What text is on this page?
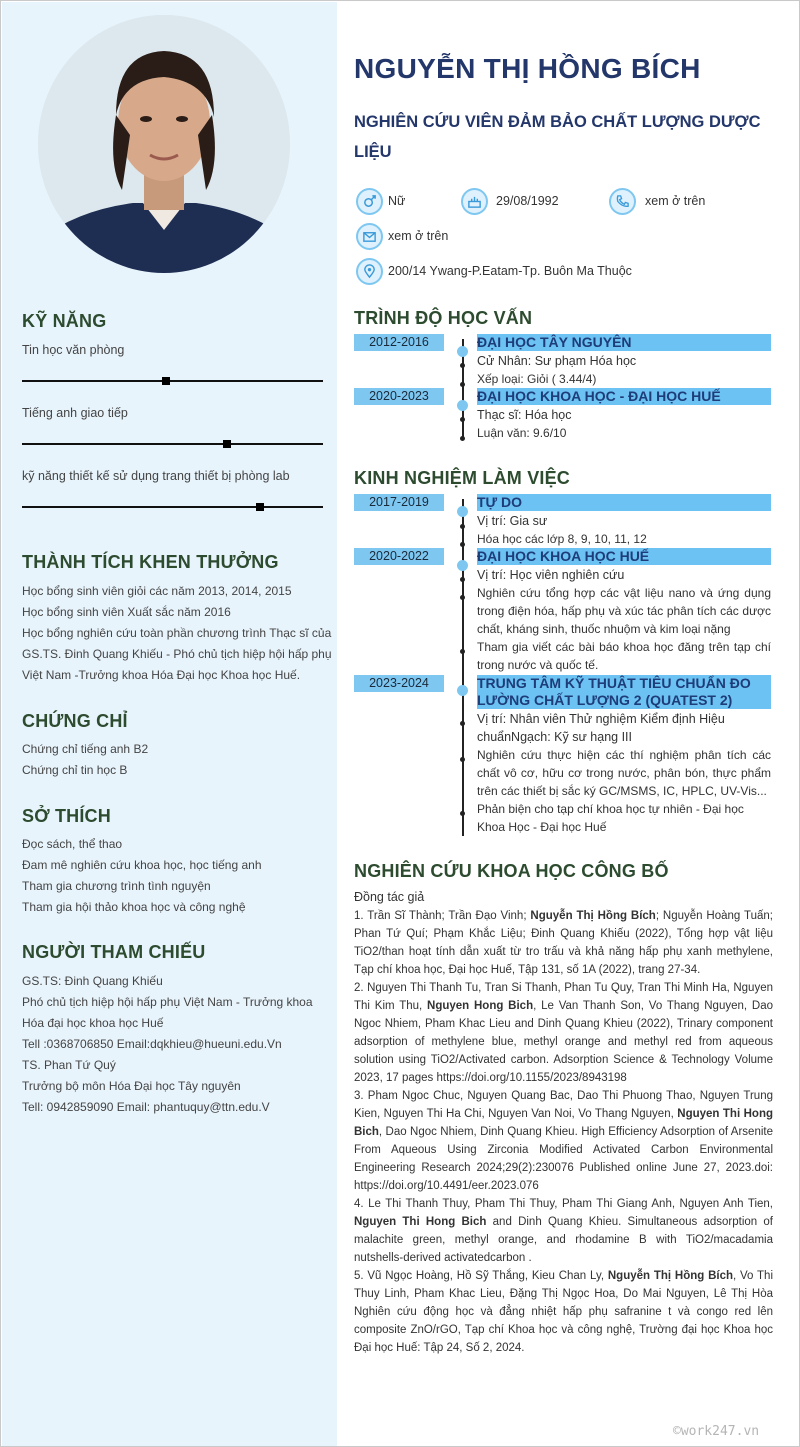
KỸ NĂNG
Tin học văn phòng
Tiếng anh giao tiếp
kỹ năng thiết kế sử dụng trang thiết bị phòng lab
THÀNH TÍCH KHEN THƯỞNG
Học bổng sinh viên giỏi các năm 2013, 2014, 2015
Học bổng sinh viên Xuất sắc năm 2016
Học bổng nghiên cứu toàn phần chương trình Thạc sĩ của
GS.TS. Đinh Quang Khiếu - Phó chủ tịch hiệp hội hấp phụ
Việt Nam -Trưởng khoa Hóa Đại học Khoa học Huế.
CHỨNG CHỈ
Chứng chỉ tiếng anh B2
Chứng chỉ tin học B
SỞ THÍCH
Đọc sách, thể thao
Đam mê nghiên cứu khoa học, học tiếng anh
Tham gia chương trình tình nguyện
Tham gia hội thảo khoa học và công nghệ
NGƯỜI THAM CHIẾU
GS.TS: Đinh Quang Khiếu
Phó chủ tịch hiệp hội hấp phụ Việt Nam - Trưởng khoa
Hóa đại học khoa học Huế
Tell :0368706850 Email:dqkhieu@hueuni.edu.Vn
TS. Phan Tứ Quý
Trưởng bộ môn Hóa Đại học Tây nguyên
Tell: 0942859090 Email: phantuquy@ttn.edu.V
NGUYỄN THỊ HỒNG BÍCH
NGHIÊN CỨU VIÊN ĐẢM BẢO CHẤT LƯỢNG DƯỢC LIỆU
Nữ	29/08/1992	xem ở trên
xem ở trên
200/14 Ywang-P.Eatam-Tp. Buôn Ma Thuộc
TRÌNH ĐỘ HỌC VẤN
2012-2016	ĐẠI HỌC TÂY NGUYÊN
Cử Nhân: Sư phạm Hóa học
Xếp loại: Giỏi ( 3.44/4)
2020-2023	ĐẠI HỌC KHOA HỌC - ĐẠI HỌC HUẾ
Thạc sĩ: Hóa học
Luận văn: 9.6/10
KINH NGHIỆM LÀM VIỆC
2017-2019	TỰ DO
Vị trí: Gia sư
Hóa học các lớp 8, 9, 10, 11, 12
2020-2022	ĐẠI HỌC KHOA HỌC HUẾ
Vị trí: Học viên nghiên cứu
Nghiên cứu tổng hợp các vật liệu nano và ứng dụng trong điện hóa, hấp phụ và xúc tác phân tích các dược chất, kháng sinh, thuốc nhuộm và kim loại nặng
Tham gia viết các bài báo khoa học đăng trên tạp chí trong nước và quốc tế.
2023-2024	TRUNG TÂM KỸ THUẬT TIÊU CHUẨN ĐO LƯỜNG CHẤT LƯỢNG 2 (QUATEST 2)
Vị trí: Nhân viên Thử nghiệm Kiểm định Hiệu chuẩnNgạch: Kỹ sư hạng III
Nghiên cứu thực hiện các thí nghiệm phân tích các chất vô cơ, hữu cơ trong nước, phân bón, thực phẩm trên các thiết bị sắc ký GC/MSMS, IC, HPLC, UV-Vis...
Phản biện cho tạp chí khoa học tự nhiên - Đại học Khoa Học - Đại học Huế
NGHIÊN CỨU KHOA HỌC CÔNG BỐ
Đồng tác giả
1. Trần Sĩ Thành; Trần Đạo Vinh; Nguyễn Thị Hồng Bích; Nguyễn Hoàng Tuấn; Phan Tứ Quí; Phạm Khắc Liệu; Đinh Quang Khiếu (2022), Tổng hợp vật liệu TiO2/than hoạt tính dẫn xuất từ tro trấu và khả năng hấp phụ xanh methylene, Tạp chí khoa học, Đại học Huế, Tập 131, số 1A (2022), trang 27-34.
2. Nguyen Thi Thanh Tu, Tran Si Thanh, Phan Tu Quy, Tran Thi Minh Ha, Nguyen Thi Kim Thu, Nguyen Hong Bich, Le Van Thanh Son, Vo Thang Nguyen, Dao Ngoc Nhiem, Pham Khac Lieu and Dinh Quang Khieu (2022), Trinary component adsorption of methylene blue, methyl orange and methyl red from aqueous solution using TiO2/Activated carbon. Adsorption Science & Technology Volume 2023, 17 pages https://doi.org/10.1155/2023/8943198
3. Pham Ngoc Chuc, Nguyen Quang Bac, Dao Thi Phuong Thao, Nguyen Trung Kien, Nguyen Thi Ha Chi, Nguyen Van Noi, Vo Thang Nguyen, Nguyen Thi Hong Bich, Dao Ngoc Nhiem, Dinh Quang Khieu. High Efficiency Adsorption of Arsenite From Aqueous Using Zirconia Modified Activated Carbon Environmental Engineering Research 2024;29(2):230076 Published online June 27, 2023.doi: https://doi.org/10.4491/eer.2023.076
4. Le Thi Thanh Thuy, Pham Thi Thuy, Pham Thi Giang Anh, Nguyen Anh Tien, Nguyen Thi Hong Bich and Dinh Quang Khieu. Simultaneous adsorption of malachite green, methyl orange, and rhodamine B with TiO2/macadamia nutshells-derived activatedcarbon .
5. Vũ Ngọc Hoàng, Hồ Sỹ Thắng, Kieu Chan Ly, Nguyễn Thị Hồng Bích, Vo Thi Thuy Linh, Pham Khac Lieu, Đặng Thị Ngọc Hoa, Do Mai Nguyen, Lê Thị Hòa Nghiên cứu động học và đẳng nhiệt hấp phụ safranine t và congo red lên composite ZnO/rGO, Tạp chí Khoa học và công nghệ, Trường đại học Khoa học Đại học Huế: Tập 24, Số 2, 2024.
©work247.vn
